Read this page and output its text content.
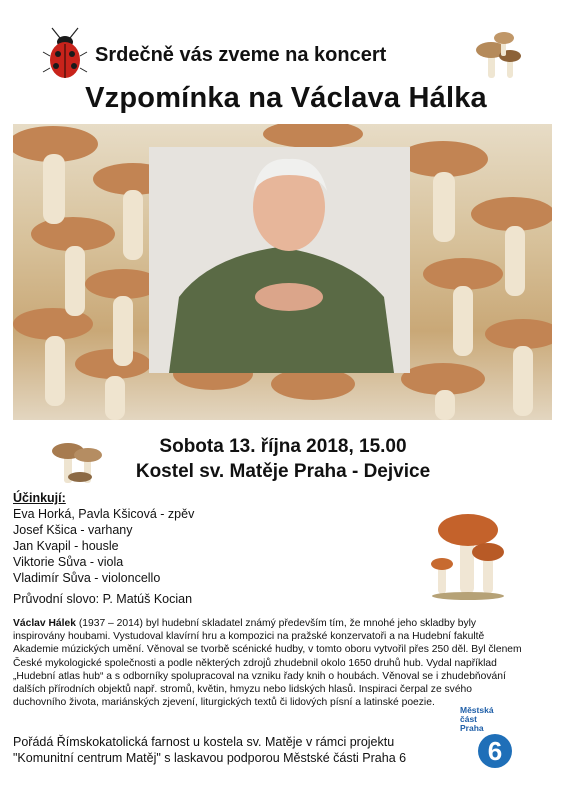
Srdečně vás zveme na koncert
Vzpomínka na Václava Hálka
Sobota 13. října 2018, 15.00
Kostel sv. Matěje Praha - Dejvice
Účinkují:
Eva Horká, Pavla Kšicová - zpěv
Josef Kšica - varhany
Jan Kvapil - housle
Viktorie Sůva - viola
Vladimír Sůva - violoncello
Průvodní slovo: P. Matúš Kocian
Václav Hálek (1937 – 2014) byl hudební skladatel známý především tím, že mnohé jeho skladby byly inspirovány houbami. Vystudoval klavírní hru a kompozici na pražské konzervatoři a na Hudební fakultě Akademie múzických umění. Věnoval se tvorbě scénické hudby, v tomto oboru vytvořil přes 250 děl. Byl členem České mykologické společnosti a podle některých zdrojů zhudebnil okolo 1650 druhů hub. Vydal například „Hudební atlas hub“ a s odborníky spolupracoval na vzniku řady knih o houbách. Věnoval se i zhudebňování dalších přírodních objektů např. stromů, květin, hmyzu nebo lidských hlasů. Inspiraci čerpal ze svého duchovního života, mariánských zjevení, liturgických textů či lidových písní a latinské poezie.
Pořádá Římskokatolická farnost u kostela sv. Matěje v rámci projektu
"Komunitní centrum Matěj" s laskavou podporou Městské části Praha 6
Městská
část
Praha
6
